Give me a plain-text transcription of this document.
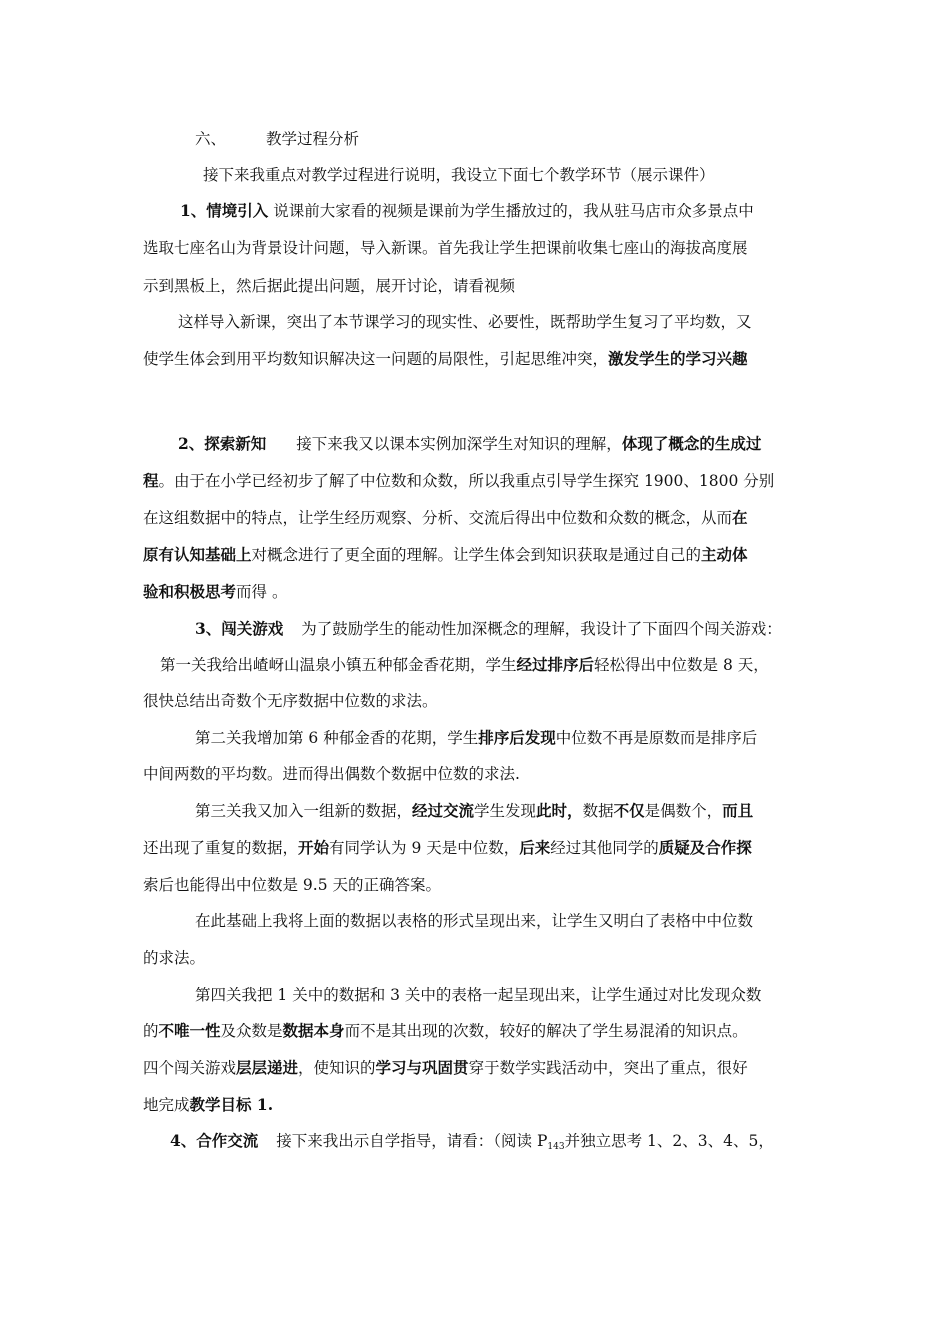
六、	教学过程分析

接下来我重点对教学过程进行说明，我设立下面七个教学环节（展示课件）

1、情境引入 说课前大家看的视频是课前为学生播放过的，我从驻马店市众多景点中

选取七座名山为背景设计问题，导入新课。首先我让学生把课前收集七座山的海拔高度展

示到黑板上，然后据此提出问题，展开讨论，请看视频

这样导入新课，突出了本节课学习的现实性、必要性，既帮助学生复习了平均数，又

使学生体会到用平均数知识解决这一问题的局限性，引起思维冲突，激发学生的学习兴趣

2、探索新知 接下来我又以课本实例加深学生对知识的理解，体现了概念的生成过

程。由于在小学已经初步了解了中位数和众数，所以我重点引导学生探究 1900、1800 分别

在这组数据中的特点，让学生经历观察、分析、交流后得出中位数和众数的概念，从而在

原有认知基础上对概念进行了更全面的理解。让学生体会到知识获取是通过自己的主动体

验和积极思考而得 。

3、闯关游戏 为了鼓励学生的能动性加深概念的理解，我设计了下面四个闯关游戏：

第一关我给出嵖岈山温泉小镇五种郁金香花期，学生经过排序后轻松得出中位数是 8 天，

很快总结出奇数个无序数据中位数的求法。

第二关我增加第 6 种郁金香的花期，学生排序后发现中位数不再是原数而是排序后

中间两数的平均数。进而得出偶数个数据中位数的求法.

第三关我又加入一组新的数据，经过交流学生发现此时，数据不仅是偶数个，而且

还出现了重复的数据，开始有同学认为 9 天是中位数，后来经过其他同学的质疑及合作探

索后也能得出中位数是 9.5 天的正确答案。

在此基础上我将上面的数据以表格的形式呈现出来，让学生又明白了表格中中位数

的求法。

第四关我把 1 关中的数据和 3 关中的表格一起呈现出来，让学生通过对比发现众数

的不唯一性及众数是数据本身而不是其出现的次数，较好的解决了学生易混淆的知识点。

四个闯关游戏层层递进，使知识的学习与巩固贯穿于数学实践活动中，突出了重点，很好

地完成教学目标 1.

4、合作交流 接下来我出示自学指导，请看：（阅读 P143并独立思考 1、2、3、4、5，
